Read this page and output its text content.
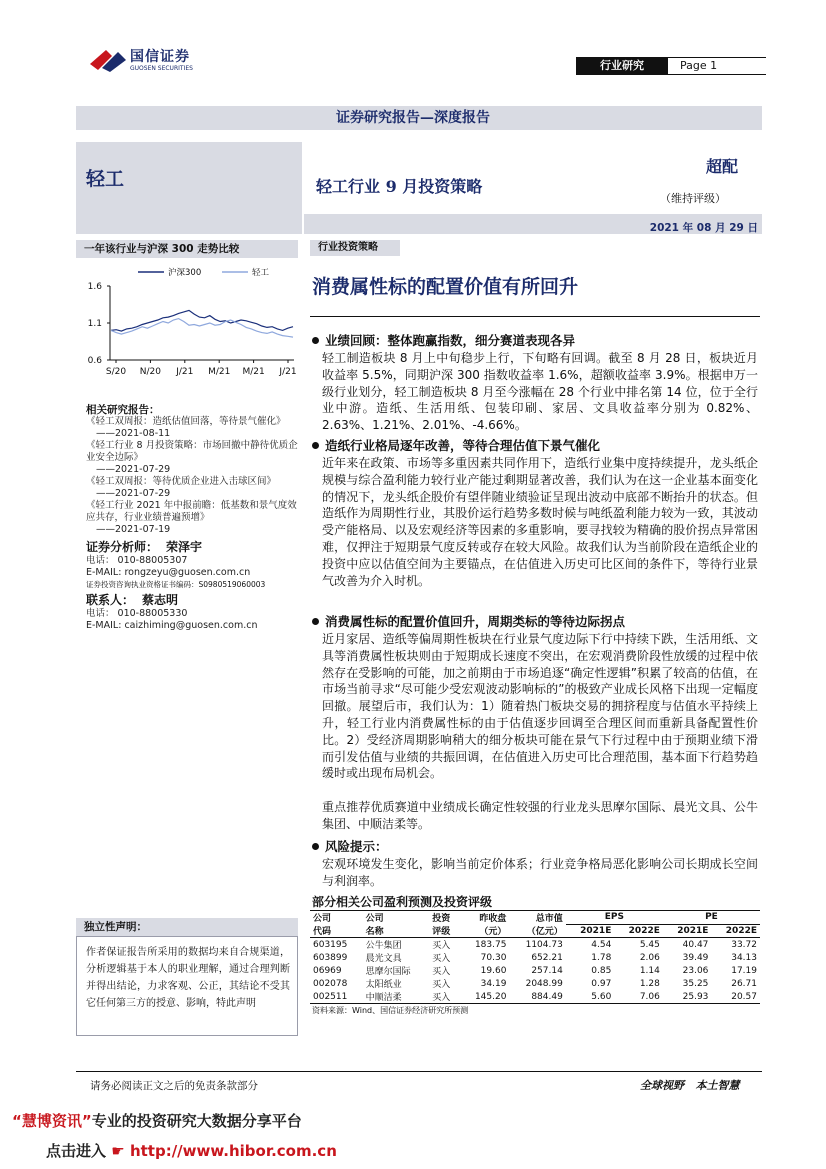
国信证券
GUOSEN SECURITIES	行业研究	Page 1
证券研究报告—深度报告
轻工	轻工行业 9 月投资策略
超配
（维持评级）
2021 年 08 月 29 日
一年该行业与沪深 300 走势比较
1.6
1.1
0.6
S/20 N/20 J/21 M/21 M/21 J/21
沪深300	轻工
相关研究报告：
《轻工双周报：造纸估值回落，等待景气催化》
——2021-08-11
《轻工行业 8 月投资策略：市场回撤中静待优质企业安全边际》
——2021-07-29
《轻工双周报：等待优质企业进入击球区间》
——2021-07-29
《轻工行业 2021 年中报前瞻：低基数和景气度效应共存，行业业绩普遍预增》
——2021-07-19
证券分析师： 荣泽宇
电话： 010-88005307
E-MAIL: rongzeyu@guosen.com.cn
证券投资咨询执业资格证书编码：S0980519060003
联系人： 蔡志明
电话： 010-88005330
E-MAIL: caizhiming@guosen.com.cn
独立性声明：
作者保证报告所采用的数据均来自合规渠道，分析逻辑基于本人的职业理解，通过合理判断并得出结论，力求客观、公正，其结论不受其它任何第三方的授意、影响，特此声明
行业投资策略
消费属性标的配置价值有所回升
业绩回顾：整体跑赢指数，细分赛道表现各异
轻工制造板块 8 月上中旬稳步上行，下旬略有回调。截至 8 月 28 日，板块近月收益率 5.5%，同期沪深 300 指数收益率 1.6%，超额收益率 3.9%。根据申万一级行业划分，轻工制造板块 8 月至今涨幅在 28 个行业中排名第 14 位，位于全行业中游。造纸、生活用纸、包装印刷、家居、文具收益率分别为 0.82%、2.63%、1.21%、2.01%、-4.66%。
造纸行业格局逐年改善，等待合理估值下景气催化
近年来在政策、市场等多重因素共同作用下，造纸行业集中度持续提升，龙头纸企规模与综合盈利能力较行业产能过剩期显著改善，我们认为在这一企业基本面变化的情况下，龙头纸企股价有望伴随业绩验证呈现出波动中底部不断抬升的状态。但造纸作为周期性行业，其股价运行趋势多数时候与吨纸盈利能力较为一致，其波动受产能格局、以及宏观经济等因素的多重影响，要寻找较为精确的股价拐点异常困难，仅押注于短期景气度反转或存在较大风险。故我们认为当前阶段在造纸企业的投资中应以估值空间为主要锚点，在估值进入历史可比区间的条件下，等待行业景气改善为介入时机。
消费属性标的配置价值回升，周期类标的等待边际拐点
近月家居、造纸等偏周期性板块在行业景气度边际下行中持续下跌，生活用纸、文具等消费属性板块则由于短期成长速度不突出，在宏观消费阶段性放缓的过程中依然存在受影响的可能，加之前期由于市场追逐“确定性逻辑”积累了较高的估值，在市场当前寻求“尽可能少受宏观波动影响标的”的极致产业成长风格下出现一定幅度回撤。展望后市，我们认为：1）随着热门板块交易的拥挤程度与估值水平持续上升，轻工行业内消费属性标的由于估值逐步回调至合理区间而重新具备配置性价比。2）受经济周期影响稍大的细分板块可能在景气下行过程中由于预期业绩下滑而引发估值与业绩的共振回调，在估值进入历史可比合理范围，基本面下行趋势趋缓时或出现布局机会。
重点推荐优质赛道中业绩成长确定性较强的行业龙头思摩尔国际、晨光文具、公牛集团、中顺洁柔等。
风险提示：
宏观环境发生变化，影响当前定价体系；行业竞争格局恶化影响公司长期成长空间与利润率。
部分相关公司盈利预测及投资评级
公司	公司	投资	昨收盘	总市值	EPS		PE	
代码	名称	评级	（元）	（亿元）	2021E	2022E	2021E	2022E
603195	公牛集团	买入	183.75	1104.73	4.54	5.45	40.47	33.72
603899	晨光文具	买入	70.30	652.21	1.78	2.06	39.49	34.13
06969	思摩尔国际	买入	19.60	257.14	0.85	1.14	23.06	17.19
002078	太阳纸业	买入	34.19	2048.99	0.97	1.28	35.25	26.71
002511	中顺洁柔	买入	145.20	884.49	5.60	7.06	25.93	20.57
资料来源：Wind、国信证券经济研究所预测
请务必阅读正文之后的免责条款部分	全球视野   本土智慧
“慧博资讯”专业的投资研究大数据分享平台
点击进入 ☛ http://www.hibor.com.cn
